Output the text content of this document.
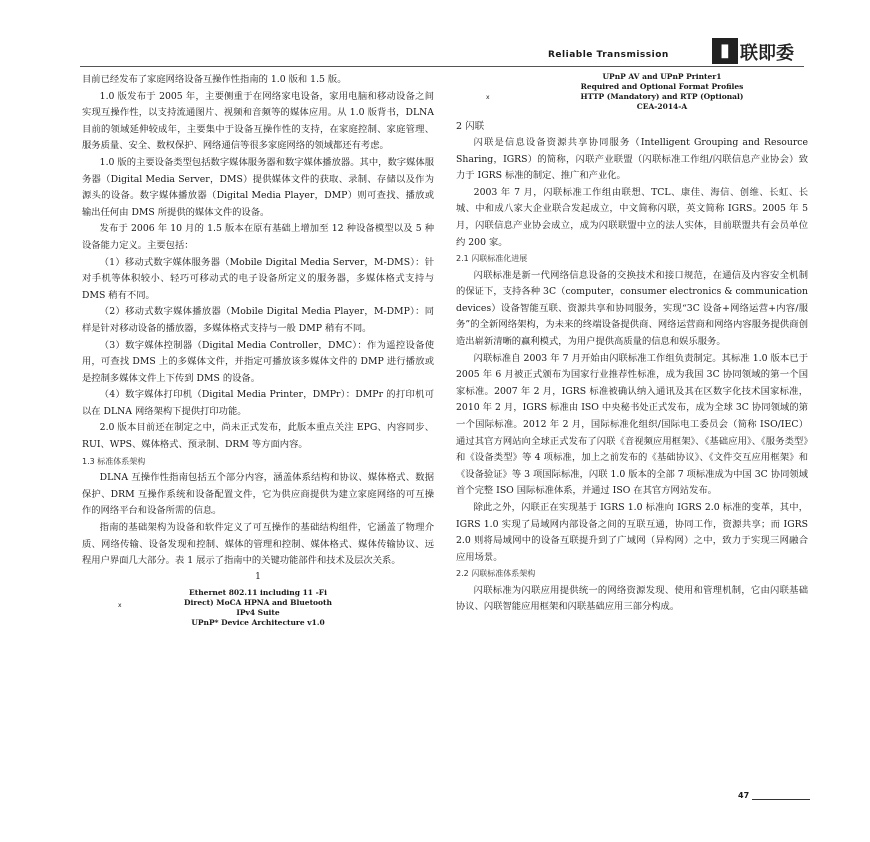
Reliable Transmission	▮ 联即委

目前已经发布了家庭网络设备互操作性指南的 1.0 版和 1.5 版。

1.0 版发布于 2005 年，主要侧重于在网络家电设备，家用电脑和移动设备之间实现互操作性，以支持流通图片、视频和音频等的媒体应用。从 1.0 版背书，DLNA 目前的领域延伸较成年，主要集中于设备互操作性的支持，在家庭控制、家庭管理、服务质量、安全、数权保护、网络通信等很多家庭网络的领域都还有考虑。

1.0 版的主要设备类型包括数字媒体服务器和数字媒体播放器。其中，数字媒体服务器（Digital Media Server，DMS）提供媒体文件的获取、录制、存储以及作为源头的设备。数字媒体播放器（Digital Media Player，DMP）则可查找、播放或输出任何由 DMS 所提供的媒体文件的设备。

发布于 2006 年 10 月的 1.5 版本在原有基础上增加至 12 种设备模型以及 5 种设备能力定义。主要包括：

（1）移动式数字媒体服务器（Mobile Digital Media Server，M-DMS）：针对手机等体积较小、轻巧可移动式的电子设备所定义的服务器，多媒体格式支持与 DMS 稍有不同。

（2）移动式数字媒体播放器（Mobile Digital Media Player，M-DMP）：同样是针对移动设备的播放器，多媒体格式支持与一般 DMP 稍有不同。

（3）数字媒体控制器（Digital Media Controller，DMC）：作为遥控设备使用，可查找 DMS 上的多媒体文件，并指定可播放该多媒体文件的 DMP 进行播放或是控制多媒体文件上下传到 DMS 的设备。

（4）数字媒体打印机（Digital Media Printer，DMPr）：DMPr 的打印机可以在 DLNA 网络架构下提供打印功能。

2.0 版本目前还在制定之中，尚未正式发布，此版本重点关注 EPG、内容同步、RUI、WPS、媒体格式、预录制、DRM 等方面内容。

1.3 标准体系架构

DLNA 互操作性指南包括五个部分内容，涵盖体系结构和协议、媒体格式、数据保护、DRM 互操作系统和设备配置文件，它为供应商提供为建立家庭网络的可互操作的网络平台和设备所需的信息。

指南的基础架构为设备和软件定义了可互操作的基础结构组件，它涵盖了物理介质、网络传输、设备发现和控制、媒体的管理和控制、媒体格式、媒体传输协议、远程用户界面几大部分。表 1 展示了指南中的关键功能部件和技术及层次关系。

1
x
Ethernet 802.11 including 11 -Fi
Direct) MoCA HPNA and Bluetooth
IPv4 Suite
UPnP* Device Architecture v1.0
x
UPnP AV and UPnP Printer1
Required and Optional Format Profiles
HTTP (Mandatory) and RTP (Optional)
CEA-2014-A

2 闪联

闪联是信息设备资源共享协同服务（Intelligent Grouping and Resource Sharing，IGRS）的简称，闪联产业联盟（闪联标准工作组/闪联信息产业协会）致力于 IGRS 标准的制定、推广和产业化。

2003 年 7 月，闪联标准工作组由联想、TCL、康佳、海信、创维、长虹、长城、中和成八家大企业联合发起成立，中文简称闪联，英文简称 IGRS。2005 年 5 月，闪联信息产业协会成立，成为闪联联盟中立的法人实体，目前联盟共有会员单位约 200 家。

2.1 闪联标准化进展

闪联标准是新一代网络信息设备的交换技术和接口规范，在通信及内容安全机制的保证下，支持各种 3C（computer，consumer electronics & communication devices）设备智能互联、资源共享和协同服务，实现“3C 设备+网络运营+内容/服务”的全新网络架构，为未来的终端设备提供商、网络运营商和网络内容服务提供商创造出崭新清晰的赢利模式，为用户提供高质量的信息和娱乐服务。

闪联标准自 2003 年 7 月开始由闪联标准工作组负责制定。其标准 1.0 版本已于 2005 年 6 月被正式颁布为国家行业推荐性标准，成为我国 3C 协同领域的第一个国家标准。2007 年 2 月，IGRS 标准被确认纳入通讯及其在区数字化技术国家标准，2010 年 2 月，IGRS 标准由 ISO 中央秘书处正式发布，成为全球 3C 协同领域的第一个国际标准。2012 年 2 月，国际标准化组织/国际电工委员会（简称 ISO/IEC）通过其官方网站向全球正式发布了闪联《音视频应用框架》、《基础应用》、《服务类型》和《设备类型》等 4 项标准，加上之前发布的《基础协议》、《文件交互应用框架》和《设备验证》等 3 项国际标准，闪联 1.0 版本的全部 7 项标准成为中国 3C 协同领域首个完整 ISO 国际标准体系，并通过 ISO 在其官方网站发布。

除此之外，闪联正在实现基于 IGRS 1.0 标准向 IGRS 2.0 标准的变革，其中，IGRS 1.0 实现了局域网内部设备之间的互联互通，协同工作，资源共享；而 IGRS 2.0 则将局域网中的设备互联提升到了广域网（异构网）之中，致力于实现三网融合应用场景。

2.2 闪联标准体系架构

闪联标准为闪联应用提供统一的网络资源发现、使用和管理机制，它由闪联基础协议、闪联智能应用框架和闪联基础应用三部分构成。

47
